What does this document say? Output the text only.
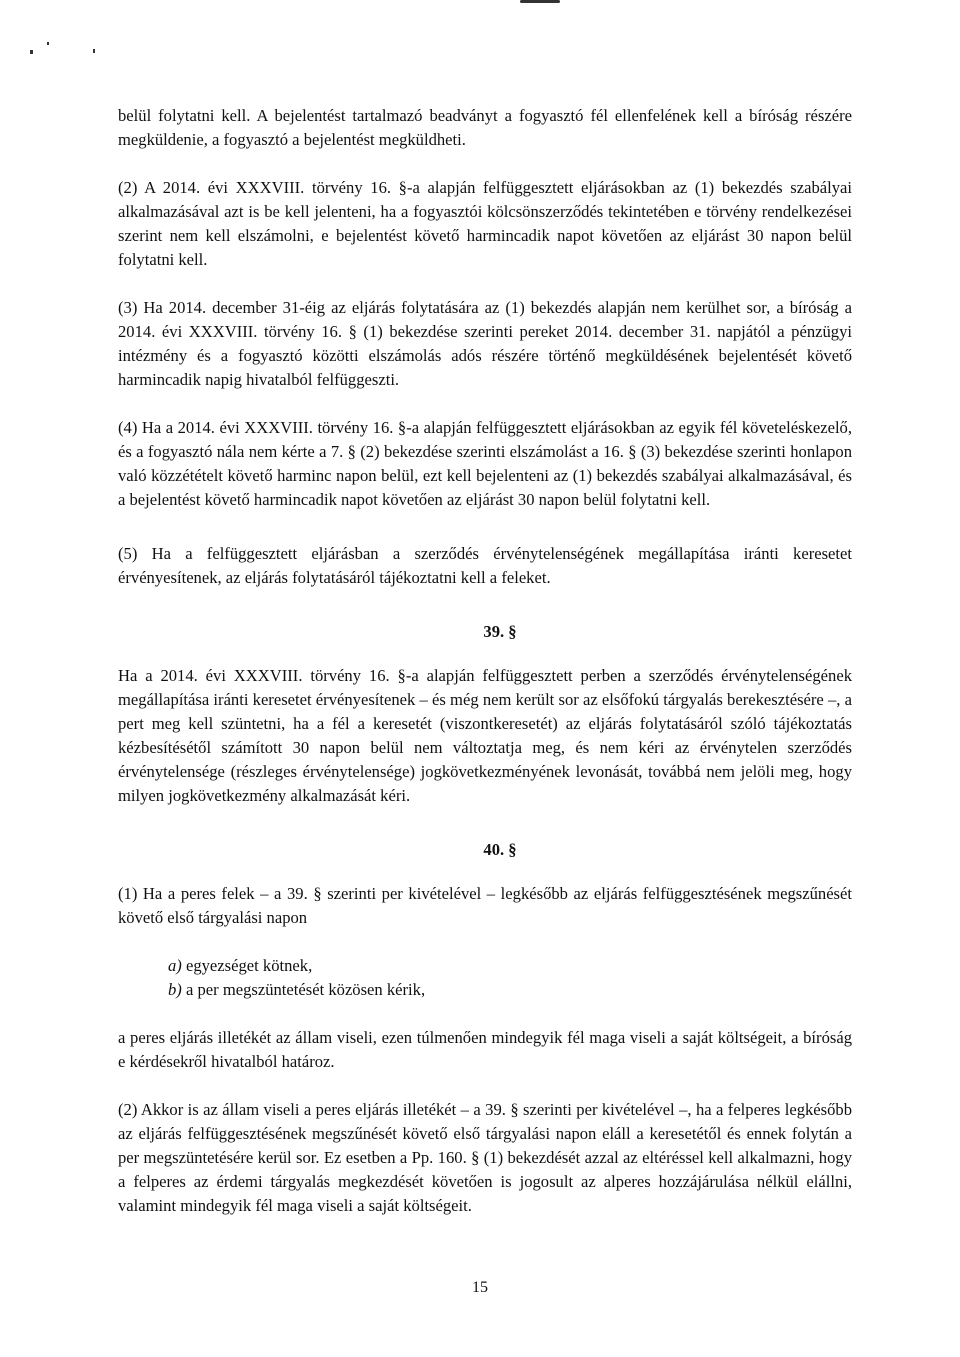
belül folytatni kell. A bejelentést tartalmazó beadványt a fogyasztó fél ellenfelének kell a bíróság részére megküldenie, a fogyasztó a bejelentést megküldheti.

(2) A 2014. évi XXXVIII. törvény 16. §-a alapján felfüggesztett eljárásokban az (1) bekezdés szabályai alkalmazásával azt is be kell jelenteni, ha a fogyasztói kölcsönszerződés tekintetében e törvény rendelkezései szerint nem kell elszámolni, e bejelentést követő harmincadik napot követően az eljárást 30 napon belül folytatni kell.

(3) Ha 2014. december 31-éig az eljárás folytatására az (1) bekezdés alapján nem kerülhet sor, a bíróság a 2014. évi XXXVIII. törvény 16. § (1) bekezdése szerinti pereket 2014. december 31. napjától a pénzügyi intézmény és a fogyasztó közötti elszámolás adós részére történő megküldésének bejelentését követő harmincadik napig hivatalból felfüggeszti.

(4) Ha a 2014. évi XXXVIII. törvény 16. §-a alapján felfüggesztett eljárásokban az egyik fél követeléskezelő, és a fogyasztó nála nem kérte a 7. § (2) bekezdése szerinti elszámolást a 16. § (3) bekezdése szerinti honlapon való közzétételt követő harminc napon belül, ezt kell bejelenteni az (1) bekezdés szabályai alkalmazásával, és a bejelentést követő harmincadik napot követően az eljárást 30 napon belül folytatni kell.

(5) Ha a felfüggesztett eljárásban a szerződés érvénytelenségének megállapítása iránti keresetet érvényesítenek, az eljárás folytatásáról tájékoztatni kell a feleket.

39. §

Ha a 2014. évi XXXVIII. törvény 16. §-a alapján felfüggesztett perben a szerződés érvénytelenségének megállapítása iránti keresetet érvényesítenek – és még nem került sor az elsőfokú tárgyalás berekesztésére –, a pert meg kell szüntetni, ha a fél a keresetét (viszontkeresetét) az eljárás folytatásáról szóló tájékoztatás kézbesítésétől számított 30 napon belül nem változtatja meg, és nem kéri az érvénytelen szerződés érvénytelensége (részleges érvénytelensége) jogkövetkezményének levonását, továbbá nem jelöli meg, hogy milyen jogkövetkezmény alkalmazását kéri.

40. §

(1) Ha a peres felek – a 39. § szerinti per kivételével – legkésőbb az eljárás felfüggesztésének megszűnését követő első tárgyalási napon

a) egyezséget kötnek,

b) a per megszüntetését közösen kérik,

a peres eljárás illetékét az állam viseli, ezen túlmenően mindegyik fél maga viseli a saját költségeit, a bíróság e kérdésekről hivatalból határoz.

(2) Akkor is az állam viseli a peres eljárás illetékét – a 39. § szerinti per kivételével –, ha a felperes legkésőbb az eljárás felfüggesztésének megszűnését követő első tárgyalási napon eláll a keresetétől és ennek folytán a per megszüntetésére kerül sor. Ez esetben a Pp. 160. § (1) bekezdését azzal az eltéréssel kell alkalmazni, hogy a felperes az érdemi tárgyalás megkezdését követően is jogosult az alperes hozzájárulása nélkül elállni, valamint mindegyik fél maga viseli a saját költségeit.

15
